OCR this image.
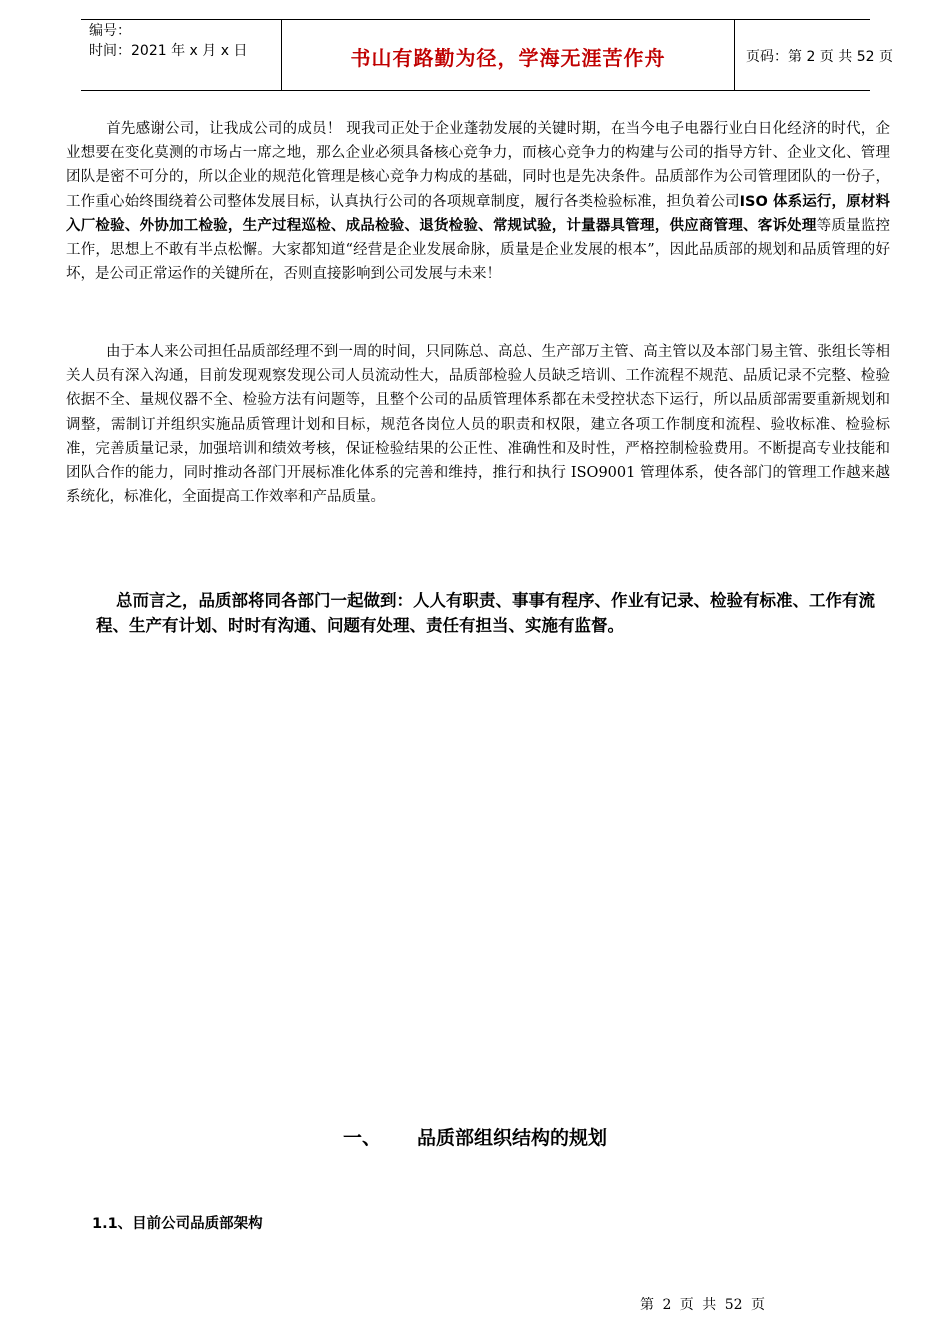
编号：
时间：2021 年 x 月 x 日	书山有路勤为径，学海无涯苦作舟	页码：第 2 页 共 52 页
首先感谢公司，让我成公司的成员！ 现我司正处于企业蓬勃发展的关键时期，在当今电子电器行业白日化经济的时代，企业想要在变化莫测的市场占一席之地，那么企业必须具备核心竞争力，而核心竞争力的构建与公司的指导方针、企业文化、管理团队是密不可分的，所以企业的规范化管理是核心竞争力构成的基础，同时也是先决条件。品质部作为公司管理团队的一份子，工作重心始终围绕着公司整体发展目标，认真执行公司的各项规章制度，履行各类检验标准，担负着公司ISO 体系运行，原材料入厂检验、外协加工检验，生产过程巡检、成品检验、退货检验、常规试验，计量器具管理，供应商管理、客诉处理等质量监控工作，思想上不敢有半点松懈。大家都知道“经营是企业发展命脉，质量是企业发展的根本”，因此品质部的规划和品质管理的好坏，是公司正常运作的关键所在，否则直接影响到公司发展与未来！
由于本人来公司担任品质部经理不到一周的时间，只同陈总、高总、生产部万主管、高主管以及本部门易主管、张组长等相关人员有深入沟通，目前发现观察发现公司人员流动性大，品质部检验人员缺乏培训、工作流程不规范、品质记录不完整、检验依据不全、量规仪器不全、检验方法有问题等，且整个公司的品质管理体系都在未受控状态下运行，所以品质部需要重新规划和调整，需制订并组织实施品质管理计划和目标，规范各岗位人员的职责和权限，建立各项工作制度和流程、验收标准、检验标准，完善质量记录，加强培训和绩效考核，保证检验结果的公正性、准确性和及时性，严格控制检验费用。不断提高专业技能和团队合作的能力，同时推动各部门开展标准化体系的完善和维持，推行和执行 ISO9001 管理体系，使各部门的管理工作越来越系统化，标准化，全面提高工作效率和产品质量。
总而言之，品质部将同各部门一起做到：人人有职责、事事有程序、作业有记录、检验有标准、工作有流程、生产有计划、时时有沟通、问题有处理、责任有担当、实施有监督。
一、 品质部组织结构的规划
1.1、目前公司品质部架构
第 2 页 共 52 页
